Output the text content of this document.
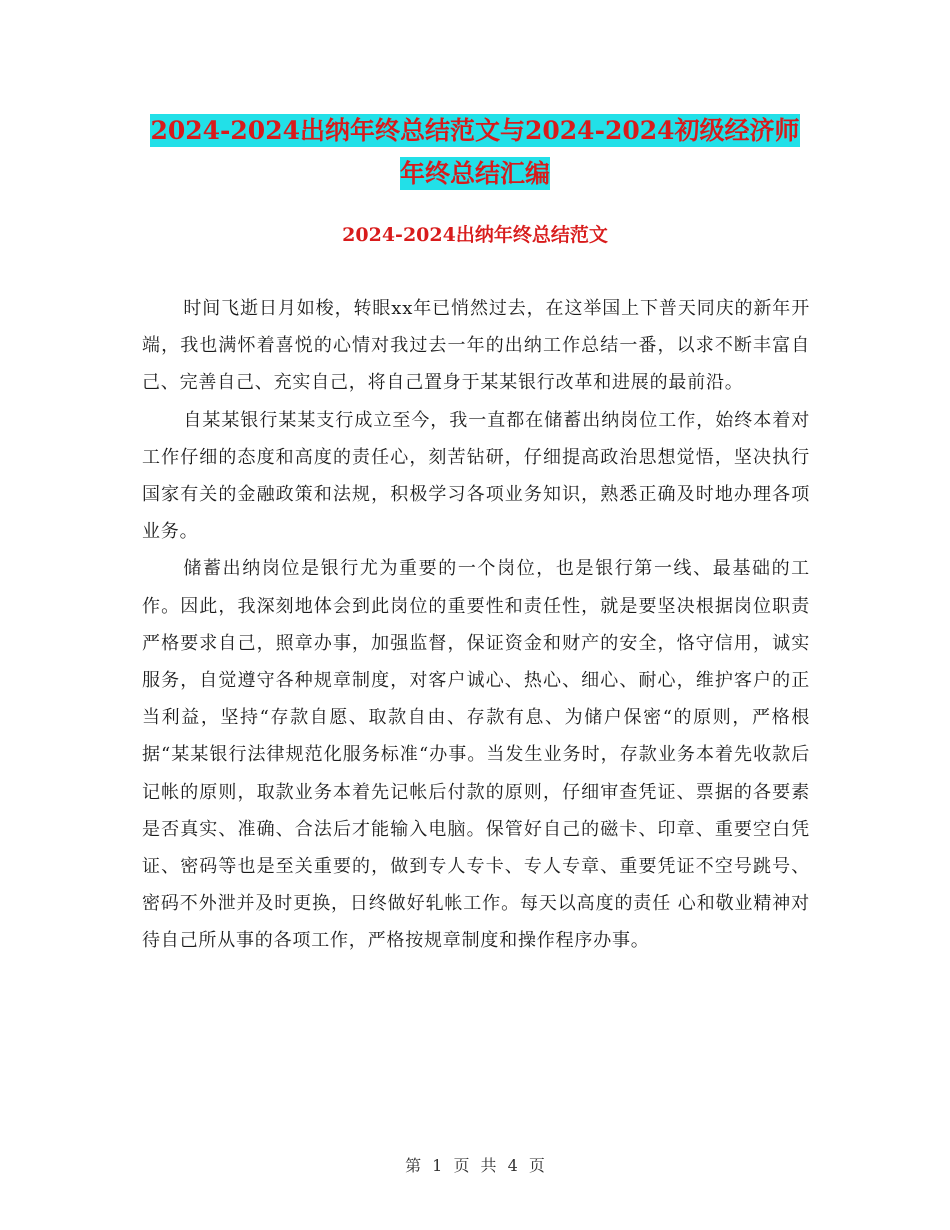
2024-2024出纳年终总结范文与2024-2024初级经济师
年终总结汇编
2024-2024出纳年终总结范文

时间飞逝日月如梭，转眼xx年已悄然过去，在这举国上下普天同庆的新年开端，我也满怀着喜悦的心情对我过去一年的出纳工作总结一番，以求不断丰富自己、完善自己、充实自己，将自己置身于某某银行改革和进展的最前沿。

自某某银行某某支行成立至今，我一直都在储蓄出纳岗位工作，始终本着对工作仔细的态度和高度的责任心，刻苦钻研，仔细提高政治思想觉悟，坚决执行国家有关的金融政策和法规，积极学习各项业务知识，熟悉正确及时地办理各项业务。

储蓄出纳岗位是银行尤为重要的一个岗位，也是银行第一线、最基础的工作。因此，我深刻地体会到此岗位的重要性和责任性，就是要坚决根据岗位职责严格要求自己，照章办事，加强监督，保证资金和财产的安全，恪守信用，诚实服务，自觉遵守各种规章制度，对客户诚心、热心、细心、耐心，维护客户的正当利益，坚持“存款自愿、取款自由、存款有息、为储户保密“的原则，严格根据“某某银行法律规范化服务标准“办事。当发生业务时，存款业务本着先收款后记帐的原则，取款业务本着先记帐后付款的原则，仔细审查凭证、票据的各要素是否真实、准确、合法后才能输入电脑。保管好自己的磁卡、印章、重要空白凭证、密码等也是至关重要的，做到专人专卡、专人专章、重要凭证不空号跳号、密码不外泄并及时更换，日终做好轧帐工作。每天以高度的责任 心和敬业精神对待自己所从事的各项工作，严格按规章制度和操作程序办事。

第 1 页 共 4 页
